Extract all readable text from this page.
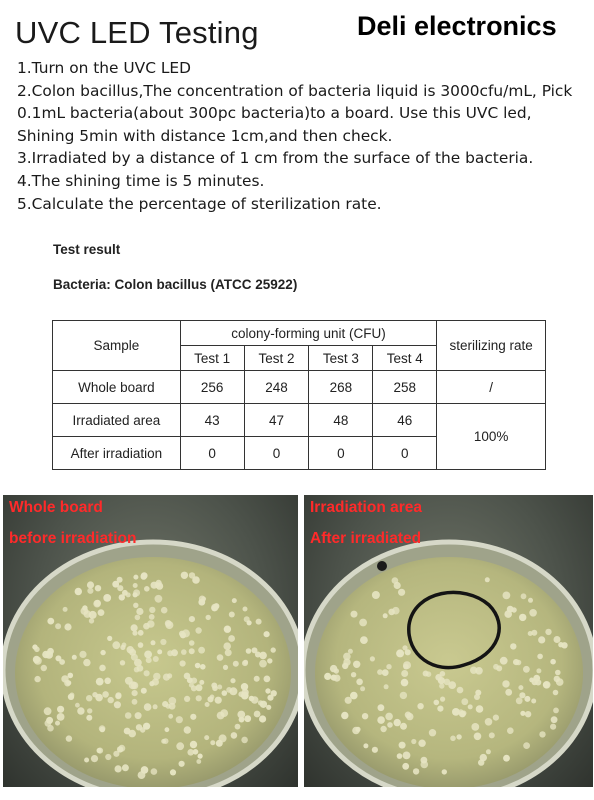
UVC LED Testing	Deli electronics

1.Turn on the UVC LED

2.Colon bacillus,The concentration of bacteria liquid is 3000cfu/mL, Pick 0.1mL bacteria(about 300pc bacteria)to a board. Use this UVC led, Shining 5min with distance 1cm,and then check.

3.Irradiated by a distance of 1 cm from the surface of the bacteria.

4.The shining time is 5 minutes.

5.Calculate the percentage of sterilization rate.

Test result
Bacteria: Colon bacillus (ATCC 25922)
Sample	colony-forming unit (CFU)				sterilizing rate
	Test 1	Test 2	Test 3	Test 4	
Whole board	256	248	268	258	/
Irradiated area	43	47	48	46	100%
After irradiation	0	0	0	0	
Whole board
before irradiation
Irradiation area
After irradiated
